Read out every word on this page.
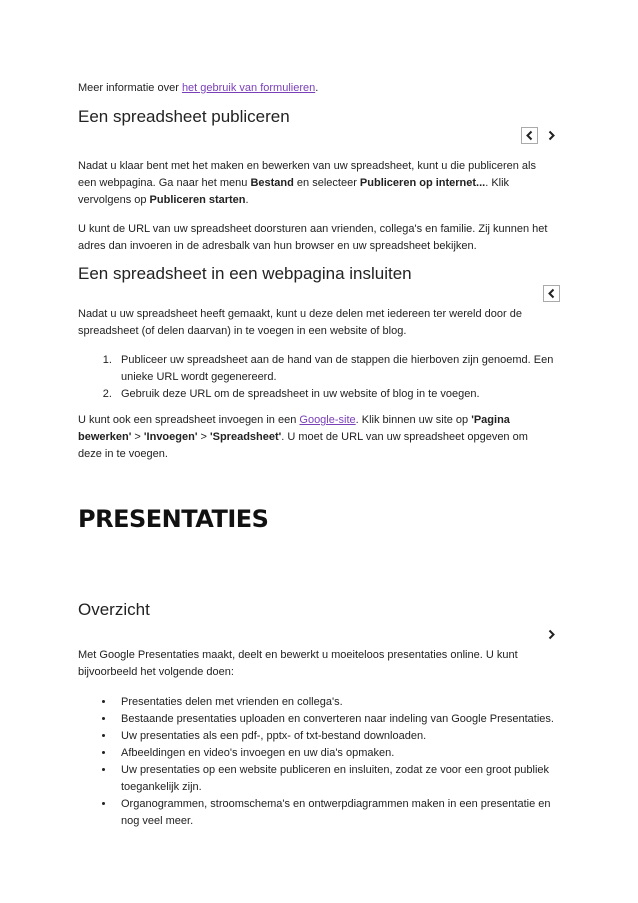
Meer informatie over het gebruik van formulieren.

Een spreadsheet publiceren

Nadat u klaar bent met het maken en bewerken van uw spreadsheet, kunt u die publiceren als een webpagina. Ga naar het menu Bestand en selecteer Publiceren op internet.... Klik vervolgens op Publiceren starten.

U kunt de URL van uw spreadsheet doorsturen aan vrienden, collega's en familie. Zij kunnen het adres dan invoeren in de adresbalk van hun browser en uw spreadsheet bekijken.

Een spreadsheet in een webpagina insluiten

Nadat u uw spreadsheet heeft gemaakt, kunt u deze delen met iedereen ter wereld door de spreadsheet (of delen daarvan) in te voegen in een website of blog.

1. Publiceer uw spreadsheet aan de hand van de stappen die hierboven zijn genoemd. Een unieke URL wordt gegenereerd.
2. Gebruik deze URL om de spreadsheet in uw website of blog in te voegen.

U kunt ook een spreadsheet invoegen in een Google-site. Klik binnen uw site op 'Pagina bewerken' > 'Invoegen' > 'Spreadsheet'. U moet de URL van uw spreadsheet opgeven om deze in te voegen.

PRESENTATIES
Overzicht

Met Google Presentaties maakt, deelt en bewerkt u moeiteloos presentaties online. U kunt bijvoorbeeld het volgende doen:

• Presentaties delen met vrienden en collega's.
• Bestaande presentaties uploaden en converteren naar indeling van Google Presentaties.
• Uw presentaties als een pdf-, pptx- of txt-bestand downloaden.
• Afbeeldingen en video's invoegen en uw dia's opmaken.
• Uw presentaties op een website publiceren en insluiten, zodat ze voor een groot publiek toegankelijk zijn.
• Organogrammen, stroomschema's en ontwerpdiagrammen maken in een presentatie en nog veel meer.
